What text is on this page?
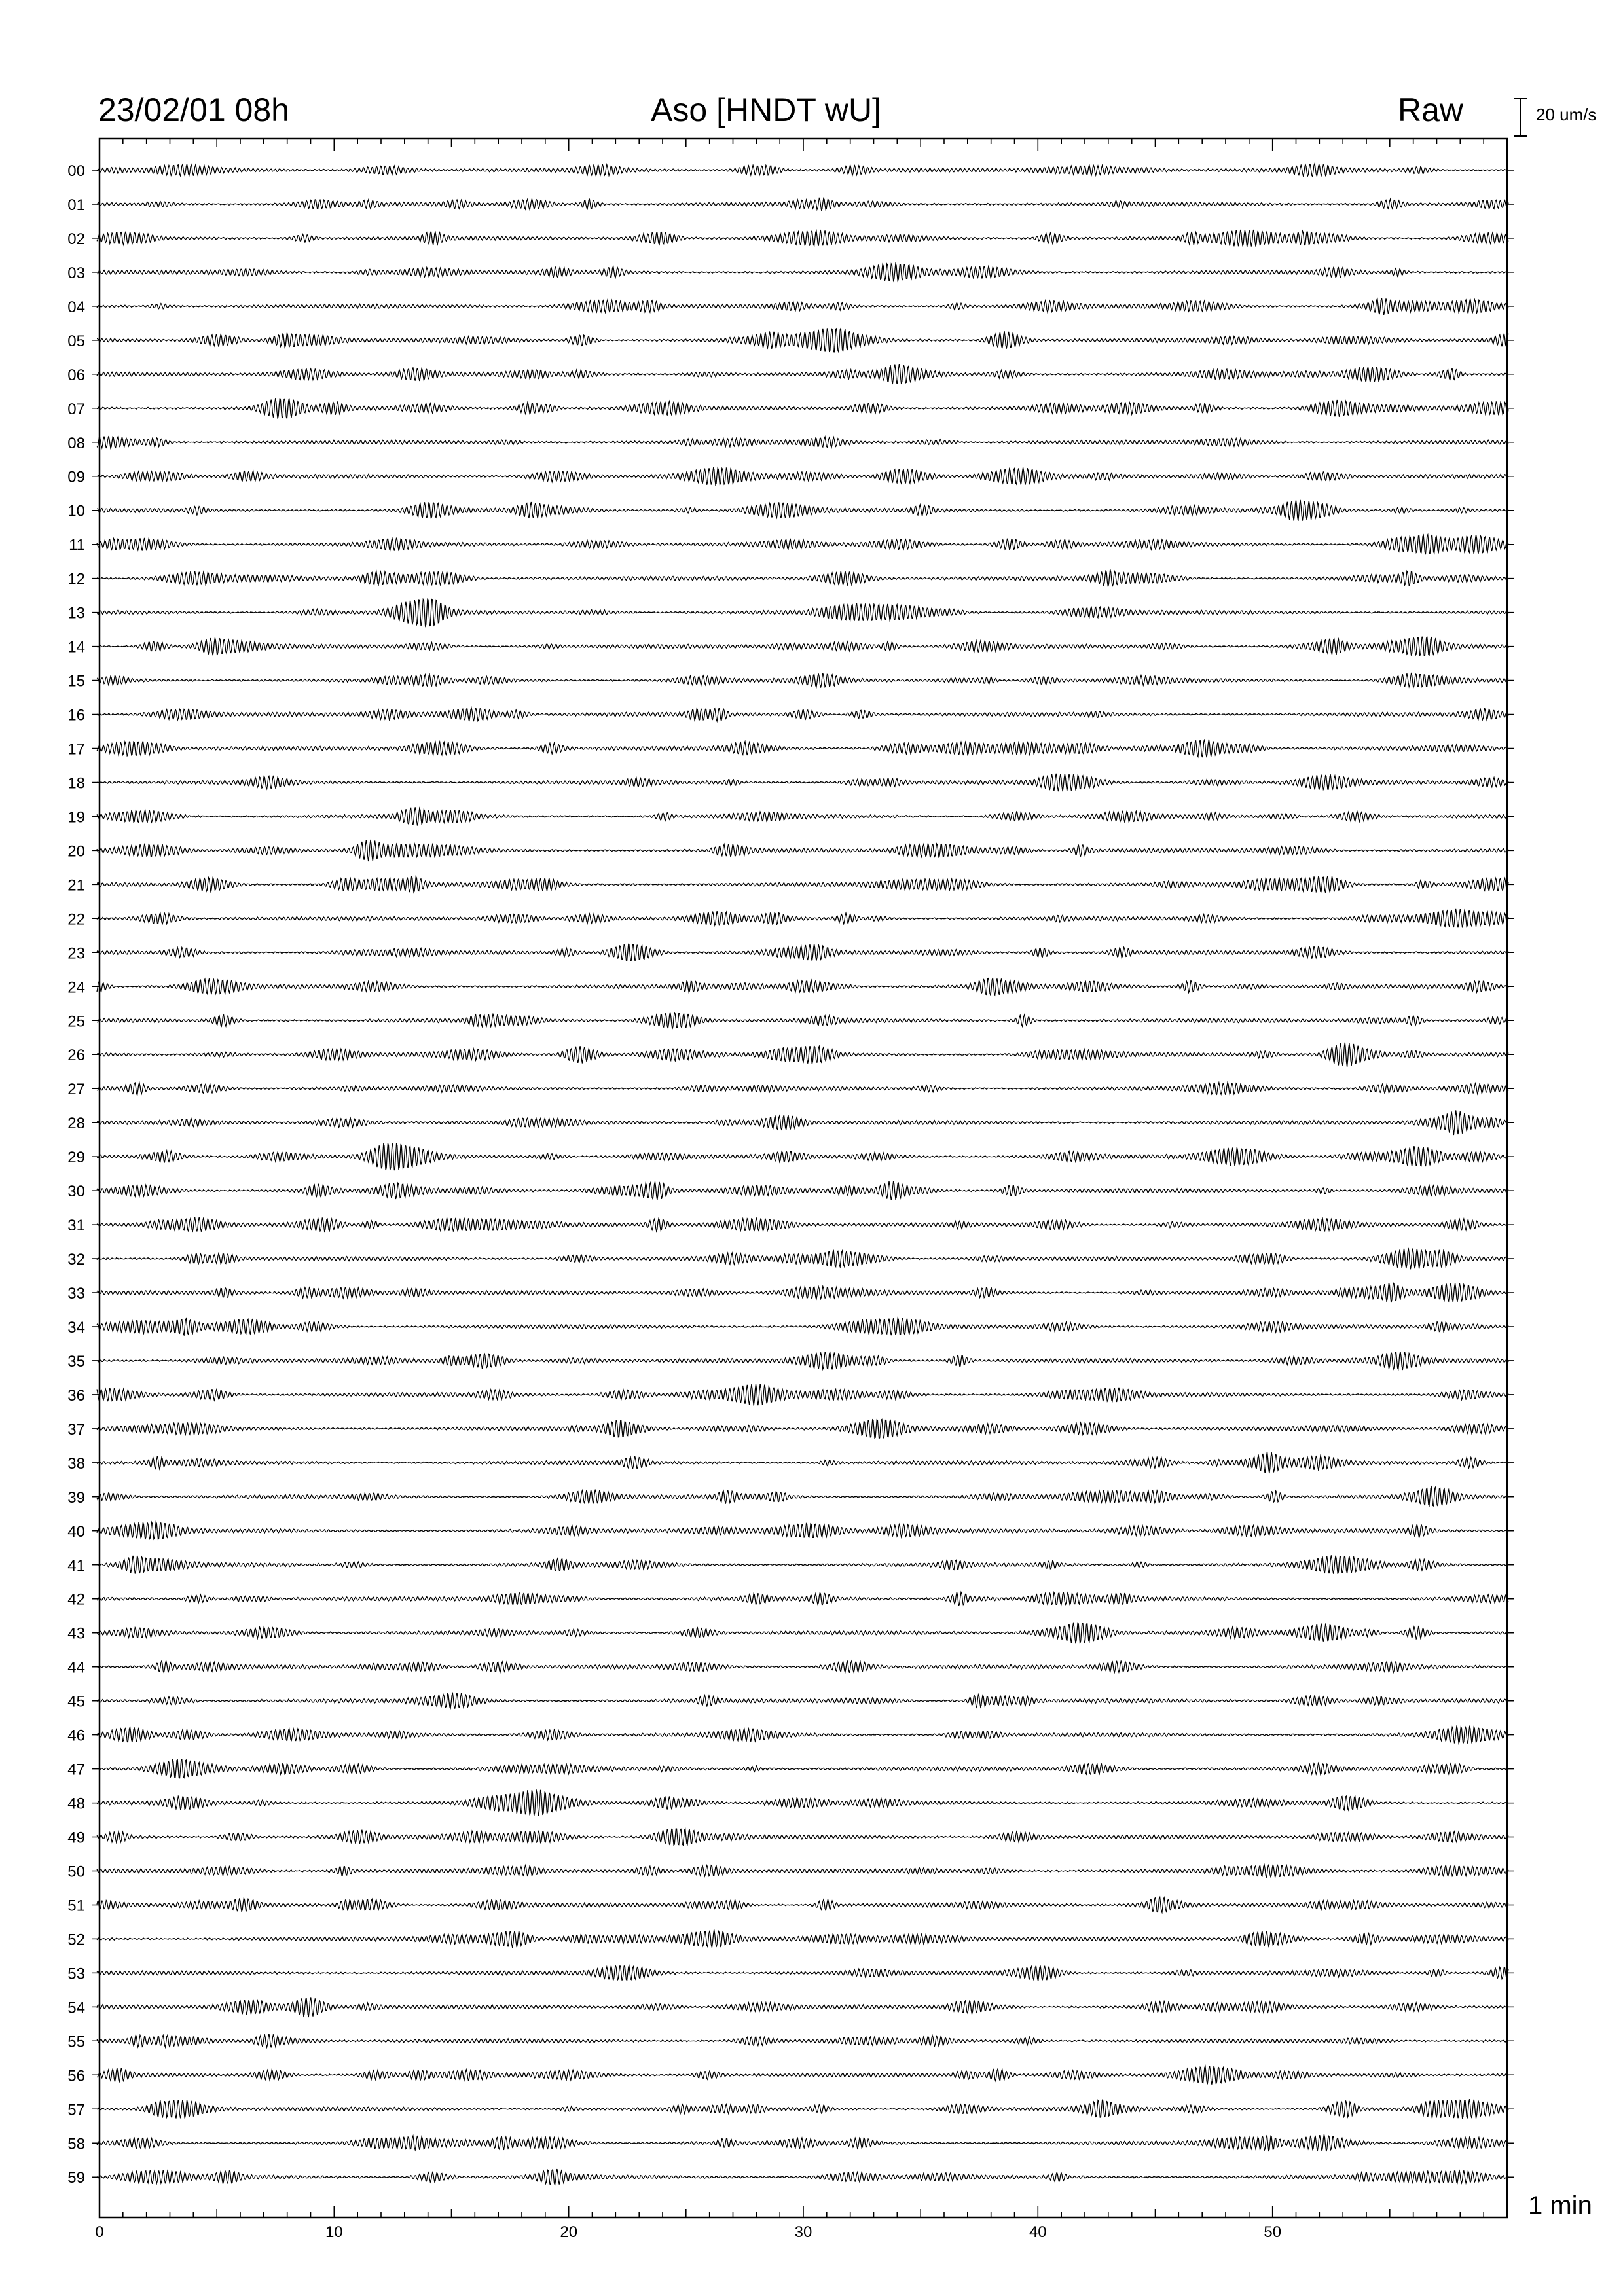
23/02/01 08h	Aso [HNDT wU]	Raw	20 um/s
1 min
00
01
02
03
04
05
06
07
08
09
10
11
12
13
14
15
16
17
18
19
20
21
22
23
24
25
26
27
28
29
30
31
32
33
34
35
36
37
38
39
40
41
42
43
44
45
46
47
48
49
50
51
52
53
54
55
56
57
58
59
0	10	20	30	40	50
